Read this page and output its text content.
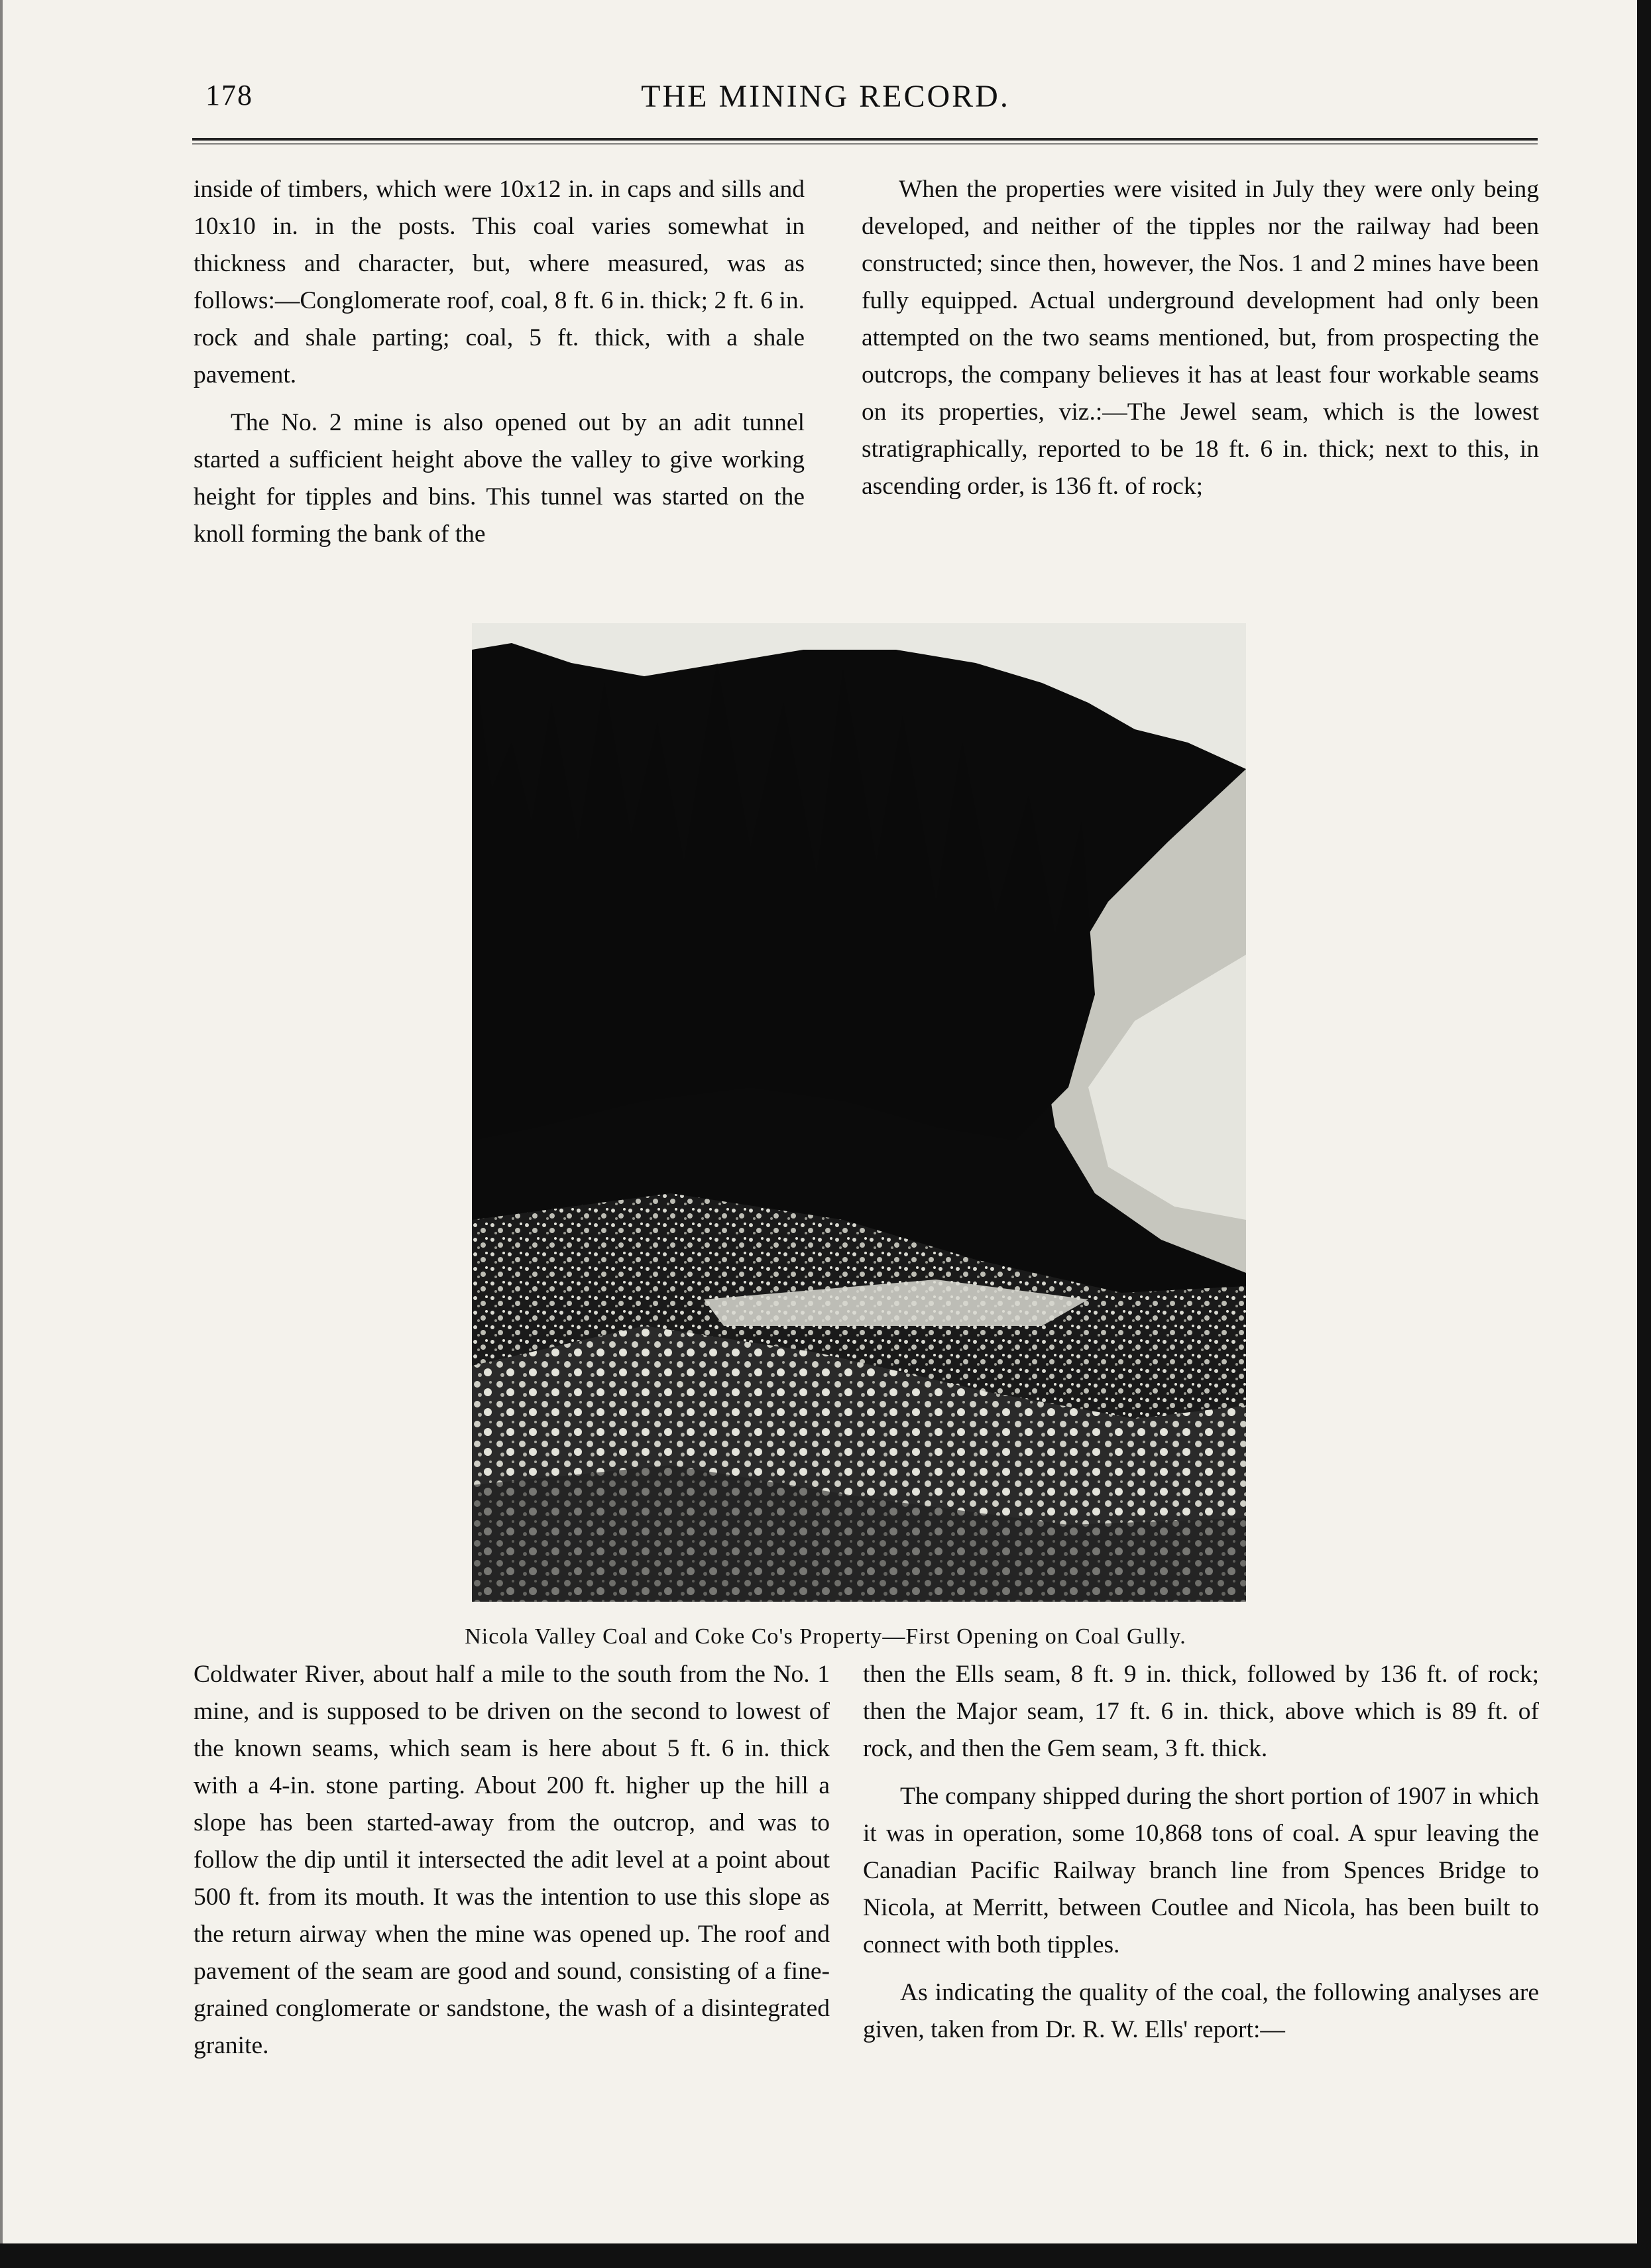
178	THE MINING RECORD.

inside of timbers, which were 10x12 in. in caps and sills and 10x10 in. in the posts. This coal varies somewhat in thickness and character, but, where measured, was as follows:—Conglomerate roof, coal, 8 ft. 6 in. thick; 2 ft. 6 in. rock and shale parting; coal, 5 ft. thick, with a shale pavement.

The No. 2 mine is also opened out by an adit tunnel started a sufficient height above the valley to give working height for tipples and bins. This tunnel was started on the knoll forming the bank of the

When the properties were visited in July they were only being developed, and neither of the tipples nor the railway had been constructed; since then, however, the Nos. 1 and 2 mines have been fully equipped. Actual underground development had only been attempted on the two seams mentioned, but, from prospecting the outcrops, the company believes it has at least four workable seams on its properties, viz.:—The Jewel seam, which is the lowest stratigraphically, reported to be 18 ft. 6 in. thick; next to this, in ascending order, is 136 ft. of rock;

Nicola Valley Coal and Coke Co's Property—First Opening on Coal Gully.

Coldwater River, about half a mile to the south from the No. 1 mine, and is supposed to be driven on the second to lowest of the known seams, which seam is here about 5 ft. 6 in. thick with a 4-in. stone parting. About 200 ft. higher up the hill a slope has been started-away from the outcrop, and was to follow the dip until it intersected the adit level at a point about 500 ft. from its mouth. It was the intention to use this slope as the return airway when the mine was opened up. The roof and pavement of the seam are good and sound, consisting of a fine-grained conglomerate or sandstone, the wash of a disintegrated granite.

then the Ells seam, 8 ft. 9 in. thick, followed by 136 ft. of rock; then the Major seam, 17 ft. 6 in. thick, above which is 89 ft. of rock, and then the Gem seam, 3 ft. thick.

The company shipped during the short portion of 1907 in which it was in operation, some 10,868 tons of coal. A spur leaving the Canadian Pacific Railway branch line from Spences Bridge to Nicola, at Merritt, between Coutlee and Nicola, has been built to connect with both tipples.

As indicating the quality of the coal, the following analyses are given, taken from Dr. R. W. Ells' report:—
